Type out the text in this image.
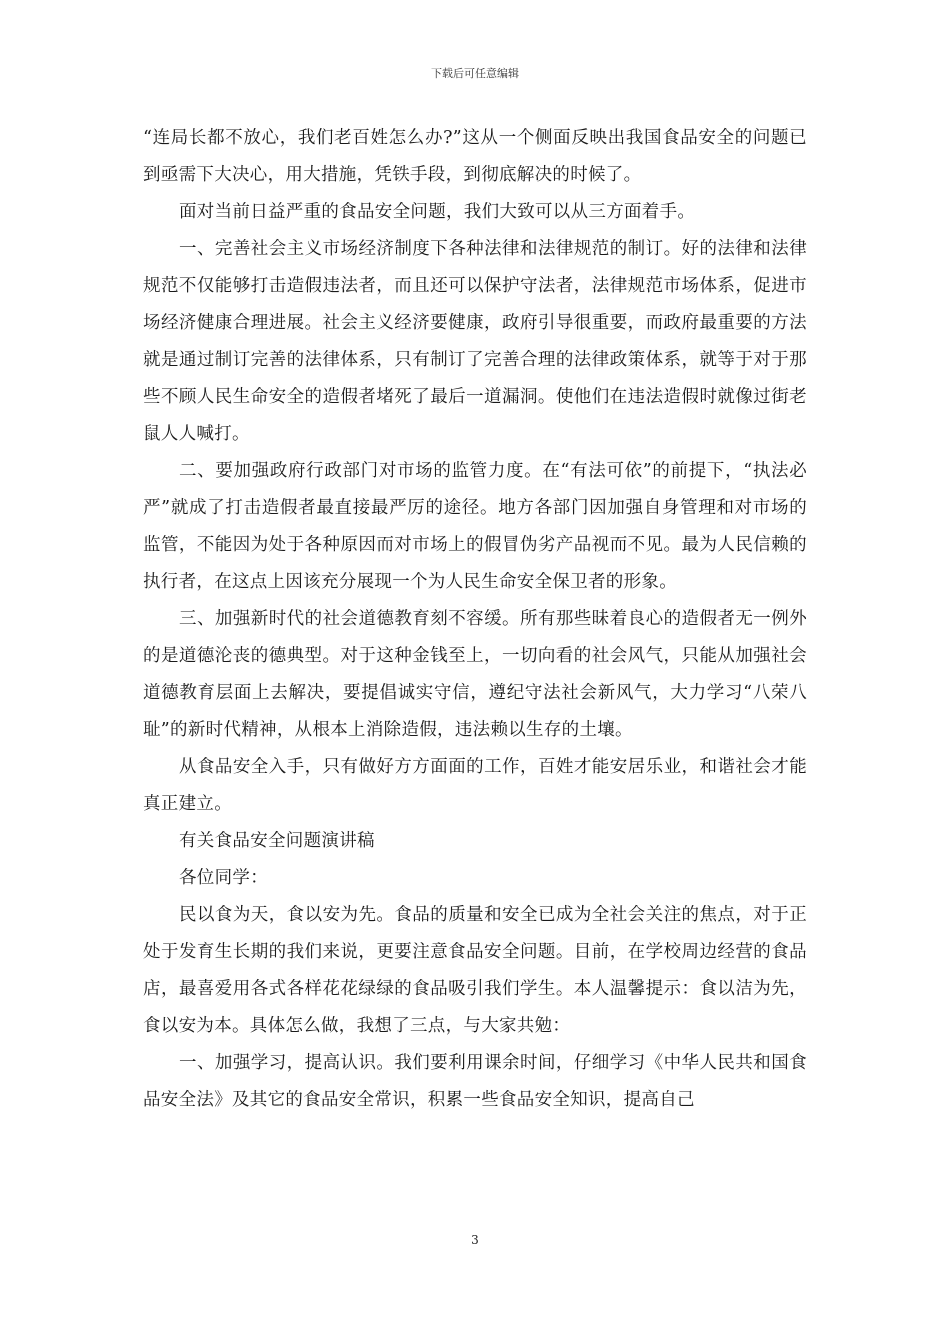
下载后可任意编辑

“连局长都不放心，我们老百姓怎么办?”这从一个侧面反映出我国食品安全的问题已到亟需下大决心，用大措施，凭铁手段，到彻底解决的时候了。

面对当前日益严重的食品安全问题，我们大致可以从三方面着手。

一、完善社会主义市场经济制度下各种法律和法律规范的制订。好的法律和法律规范不仅能够打击造假违法者，而且还可以保护守法者，法律规范市场体系，促进市场经济健康合理进展。社会主义经济要健康，政府引导很重要，而政府最重要的方法就是通过制订完善的法律体系，只有制订了完善合理的法律政策体系，就等于对于那些不顾人民生命安全的造假者堵死了最后一道漏洞。使他们在违法造假时就像过街老鼠人人喊打。

二、要加强政府行政部门对市场的监管力度。在“有法可依”的前提下，“执法必严”就成了打击造假者最直接最严厉的途径。地方各部门因加强自身管理和对市场的监管，不能因为处于各种原因而对市场上的假冒伪劣产品视而不见。最为人民信赖的执行者，在这点上因该充分展现一个为人民生命安全保卫者的形象。

三、加强新时代的社会道德教育刻不容缓。所有那些昧着良心的造假者无一例外的是道德沦丧的德典型。对于这种金钱至上，一切向看的社会风气，只能从加强社会道德教育层面上去解决，要提倡诚实守信，遵纪守法社会新风气，大力学习“八荣八耻”的新时代精神，从根本上消除造假，违法赖以生存的土壤。

从食品安全入手，只有做好方方面面的工作，百姓才能安居乐业，和谐社会才能真正建立。

有关食品安全问题演讲稿

各位同学：

民以食为天，食以安为先。食品的质量和安全已成为全社会关注的焦点，对于正处于发育生长期的我们来说，更要注意食品安全问题。目前，在学校周边经营的食品店，最喜爱用各式各样花花绿绿的食品吸引我们学生。本人温馨提示：食以洁为先，食以安为本。具体怎么做，我想了三点，与大家共勉：

一、加强学习，提高认识。我们要利用课余时间，仔细学习《中华人民共和国食品安全法》及其它的食品安全常识，积累一些食品安全知识，提高自己

3
